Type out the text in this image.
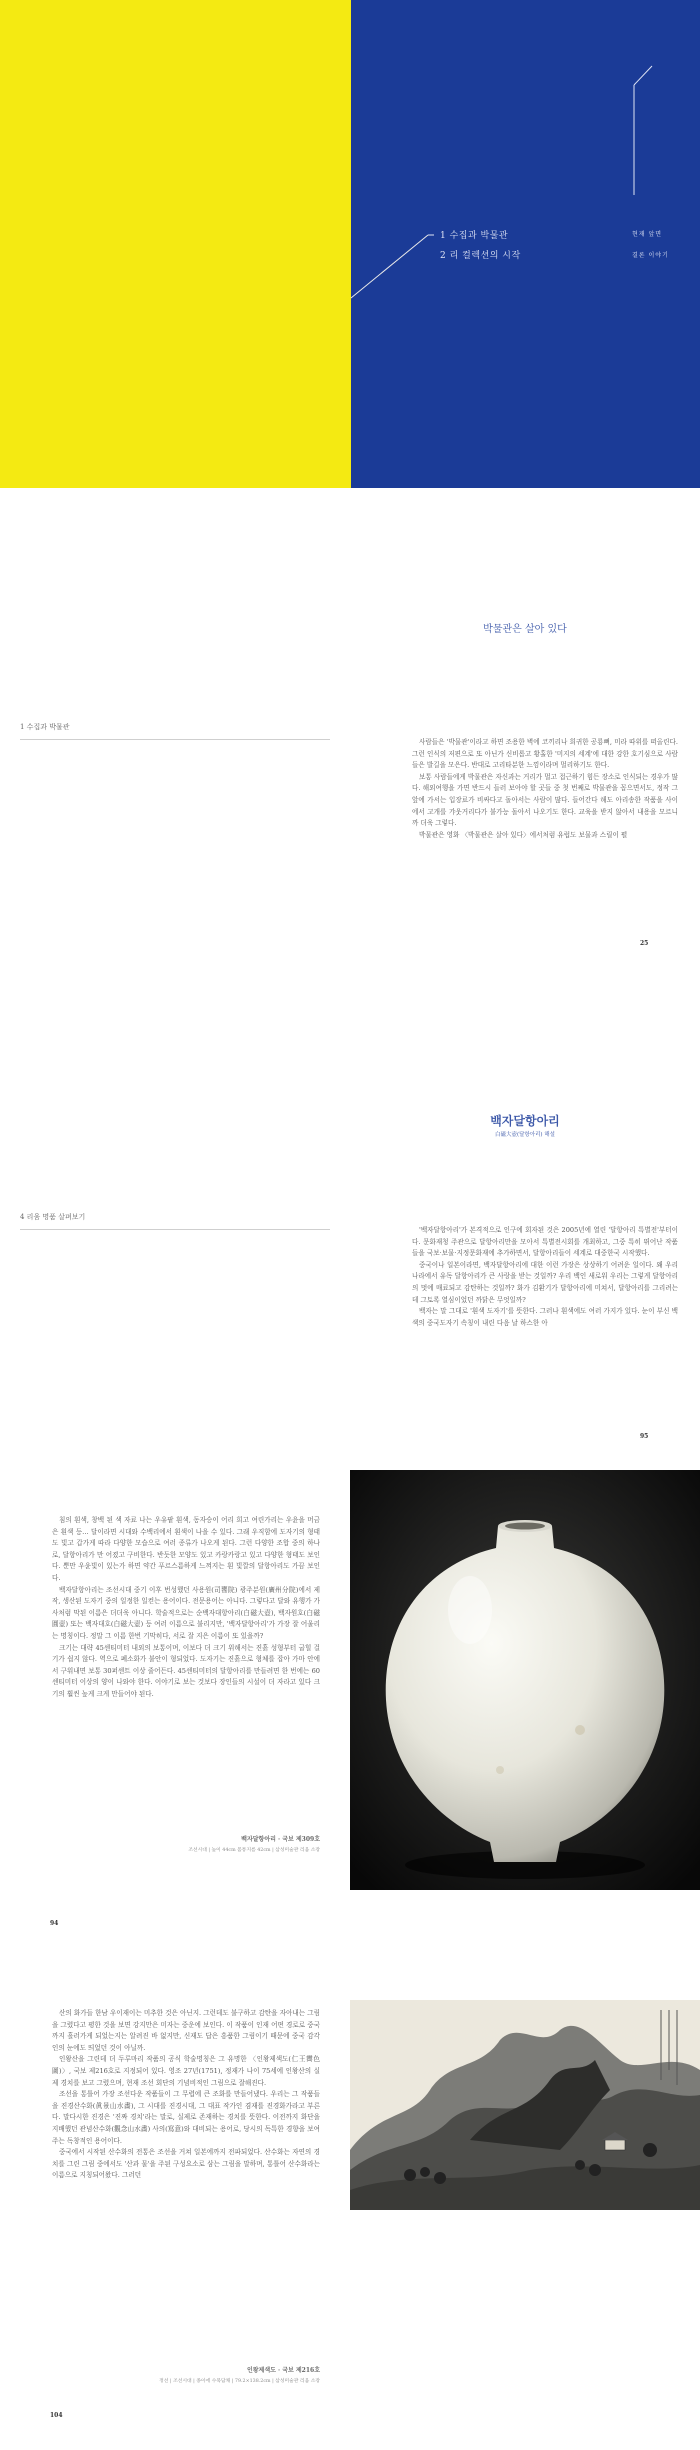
1 수집과 박물관
2 리 컬렉션의 시작
현재 앞면
결론 이야기
박물관은 살아 있다
1 수집과 박물관

사람들은 '박물관'이라고 하면 조용한 벽에 코끼리나 희귀한 공룡뼈, 미라 따위를 떠올린다. 그런 인식의 저편으로 또 아닌가 신비롭고 황홀한 '미지의 세계'에 대한 강한 호기심으로 사람들은 발길을 모은다. 반대로 고리타분한 느낌이라며 멀리하기도 한다.

보통 사람들에게 박물관은 자신과는 거리가 멀고 접근하기 힘든 장소로 인식되는 경우가 많다. 해외여행을 가면 반드시 들러 보아야 할 곳들 중 첫 번째로 박물관을 꼽으면서도, 정작 그 앞에 가서는 입장료가 비싸다고 돌아서는 사람이 많다. 들어간다 해도 아리송한 작품을 사이에서 고개를 갸웃거리다가 불가능 돌아서 나오기도 한다. 교육을 받지 않아서 내용을 모르니까 더욱 그렇다.

박물관은 영화 〈박물관은 살아 있다〉에서처럼 유럽도 보물과 스릴이 펼

25
백자달항아리
白磁大壺(달항아리) 해설
4 리움 명품 살펴보기

'백자달항아리'가 본격적으로 인구에 회자된 것은 2005년에 열린 '달항아리 특별전'부터이다. 문화재청 주관으로 달항아리만을 모아서 특별전시회를 개최하고, 그중 특히 뛰어난 작품들을 국보·보물·지정문화재에 추가하면서, 달항아리들이 세계로 대중한국 시작했다.

중국이나 일본이라면, 백자달항아리에 대한 이런 가장은 상상하기 어려운 일이다. 왜 우리나라에서 유독 달항아리가 큰 사랑을 받는 것일까? 우리 백인 새로워 우리는 그렇게 달항아리의 멋에 매료되고 감탄하는 것일까? 화가 김환기가 달항아리에 미쳐서, 달항아리를 그리려는 데 그토록 열심이었던 까닭은 무엇일까?

백자는 말 그대로 '흰색 도자기'를 뜻한다. 그러나 흰색에도 여러 가지가 있다. 눈이 부신 백색의 중국도자기 속칭이 내린 다음 날 하스한 아

95

침의 흰색, 창백 된 색 자료 나는 우유팥 흰색, 동자승이 어리 희고 여린가리는 우윤을 머금은 흰색 등… 달이라면 시대와 수백리에서 흰색이 나을 수 있다. 그래 우직함에 도자기의 형태도 빛고 갑가게 따라 다양한 모습으로 여러 종류가 나오게 된다. 그런 다양한 조합 중의 하나로, 달항아리가 만 어졌고 구비한다. 반듯한 모양도 있고 카랑카랑고 있고 다양한 형태도 보인다. 뿐만 우윤빛이 있는가 하면 약간 푸르스름하게 느껴지는 흰 빛깔의 달항아리도 가끔 보인다.

백자달항아리는 조선시대 중기 이후 번성했던 사용원(司饔院) 광주분원(廣州分院)에서 제작, 생산된 도자기 중의 일정한 일컫는 용어이다. 전문용어는 아니다. 그렇다고 달와 유행가 가사처럼 막된 이름은 더더욱 아니다. 학술적으로는 순백자대항아리(白磁大壺), 백자원호(白磁圓壺) 또는 백자대호(白磁大壺) 등 여러 이름으로 불리지만, '백자달항아리'가 가장 잘 어울리는 명칭이다. 정말 그 이름 한번 기막히다, 서로 잘 지은 이름이 또 있을까?

크기는 대략 45센티미터 내외의 보통이며, 이보다 더 크기 위해서는 진흙 성형부터 굽힐 걸기가 쉽지 않다. 역으로 폐소화가 불안이 형되었다. 도자기는 진흙으로 형체를 잡아 가마 안에서 구워내면 보통 30퍼센트 이상 줄어든다. 45센티미터의 달항아리를 만들려면 한 번에는 60센티미터 이상의 양이 나와야 한다. 이야기로 보는 것보다 장인들의 시설이 더 자라고 있다 크기의 훨씬 높게 크게 만들어야 된다.

백자달항아리 · 국보 제309호
조선시대 | 높이 44cm 몸통지름 42cm | 삼성미술관 리움 소장
94

산의 화가들 한남 우이재이는 미추한 것은 아닌지. 그런데도 불구하고 감탄을 자아내는 그림을 그렸다고 평한 것을 보면 강지만은 미자는 중운에 보인다. 이 작품이 인재 어떤 경로로 중국까지 흘러가게 되었는지는 알려진 바 없지만, 신재도 답은 흥품한 그림이기 때문에 중국 감각인의 눈에도 띄었던 것이 아닐까.

인왕산을 그린데 더 두루마리 작품의 공식 학술명칭은 그 유명한 〈인왕제색도(仁王霽色圖)〉, 국보 제216호로 지정되어 있다. 영조 27년(1751), 정재가 나이 75세에 인왕산의 실제 경치를 보고 그렸으며, 현재 조선 회단의 기념비적인 그림으로 잘해진다.

조선을 통틀어 가장 조선다운 작품들이 그 무렵에 큰 조화를 만들어냈다. 우리는 그 작품들을 진경산수화(眞景山水畵), 그 시대를 진경시대, 그 대표 작가인 겸재를 진경화가라고 부른다. 말다시한 진경은 '진짜 경치'라는 말로, 실제로 존재하는 경치를 뜻한다. 이전까지 화단을 지배했던 관념산수화(觀念山水畵) 사의(寫意)와 대비되는 용어로, 당시의 독특한 경향을 보여주는 독창적인 용어이다.

중국에서 시작된 산수화의 전통은 조선을 거쳐 일본에까지 전파되었다. 산수화는 자연의 경치를 그린 그림 중에서도 '산과 물'을 주된 구성요소로 삼는 그림을 말하며, 통틀어 산수화라는 이름으로 지칭되어왔다. 그러던

인왕제색도 · 국보 제216호
정선 | 조선시대 | 종이에 수묵담채 | 79.2×138.2cm | 삼성미술관 리움 소장
104
